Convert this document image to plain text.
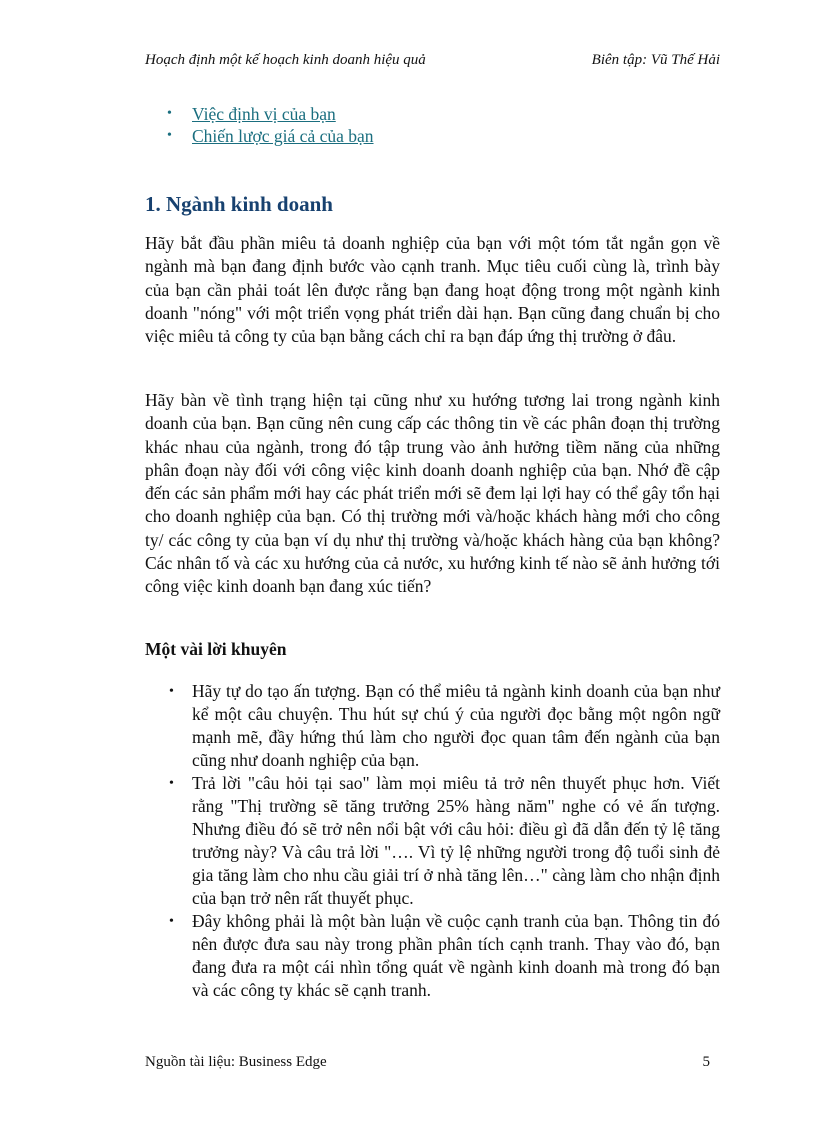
Hoạch định một kế hoạch kinh doanh hiệu quả	Biên tập: Vũ Thế Hải
• Việc định vị của bạn
• Chiến lược giá cả của bạn
1. Ngành kinh doanh

Hãy bắt đầu phần miêu tả doanh nghiệp của bạn với một tóm tắt ngắn gọn về ngành mà bạn đang định bước vào cạnh tranh. Mục tiêu cuối cùng là, trình bày của bạn cần phải toát lên được rằng bạn đang hoạt động trong một ngành kinh doanh "nóng" với một triển vọng phát triển dài hạn. Bạn cũng đang chuẩn bị cho việc miêu tả công ty của bạn bằng cách chỉ ra bạn đáp ứng thị trường ở đâu.

Hãy bàn về tình trạng hiện tại cũng như xu hướng tương lai trong ngành kinh doanh của bạn. Bạn cũng nên cung cấp các thông tin về các phân đoạn thị trường khác nhau của ngành, trong đó tập trung vào ảnh hưởng tiềm năng của những phân đoạn này đối với công việc kinh doanh doanh nghiệp của bạn. Nhớ đề cập đến các sản phẩm mới hay các phát triển mới sẽ đem lại lợi hay có thể gây tổn hại cho doanh nghiệp của bạn. Có thị trường mới và/hoặc khách hàng mới cho công ty/ các công ty của bạn ví dụ như thị trường và/hoặc khách hàng của bạn không? Các nhân tố và các xu hướng của cả nước, xu hướng kinh tế nào sẽ ảnh hưởng tới công việc kinh doanh bạn đang xúc tiến?

Một vài lời khuyên
• Hãy tự do tạo ấn tượng. Bạn có thể miêu tả ngành kinh doanh của bạn như kể một câu chuyện. Thu hút sự chú ý của người đọc bằng một ngôn ngữ mạnh mẽ, đầy hứng thú làm cho người đọc quan tâm đến ngành của bạn cũng như doanh nghiệp của bạn.
• Trả lời "câu hỏi tại sao" làm mọi miêu tả trở nên thuyết phục hơn. Viết rằng "Thị trường sẽ tăng trưởng 25% hàng năm" nghe có vẻ ấn tượng. Nhưng điều đó sẽ trở nên nổi bật với câu hỏi: điều gì đã dẫn đến tỷ lệ tăng trưởng này? Và câu trả lời "…. Vì tỷ lệ những người trong độ tuổi sinh đẻ gia tăng làm cho nhu cầu giải trí ở nhà tăng lên…" càng làm cho nhận định của bạn trở nên rất thuyết phục.
• Đây không phải là một bàn luận về cuộc cạnh tranh của bạn. Thông tin đó nên được đưa sau này trong phần phân tích cạnh tranh. Thay vào đó, bạn đang đưa ra một cái nhìn tổng quát về ngành kinh doanh mà trong đó bạn và các công ty khác sẽ cạnh tranh.
Nguồn tài liệu: Business Edge	5
